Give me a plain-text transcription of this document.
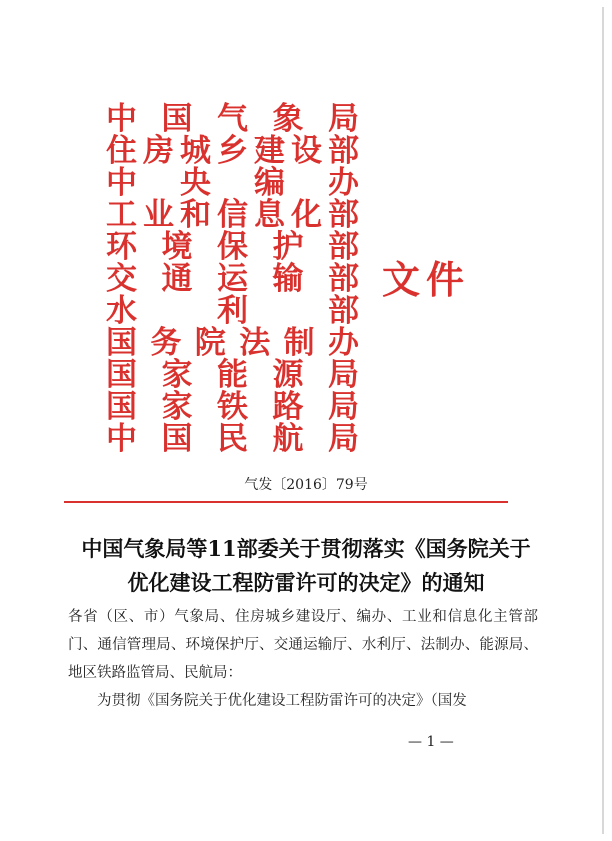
中 国 气 象 局
住 房 城 乡 建 设 部
中 央 编 办
工 业 和 信 息 化 部
环 境 保 护 部
交 通 运 输 部
水	利	部
国 务 院 法 制 办
国 家 能 源 局
国 家 铁 路 局
中 国 民 航 局
文件
气发〔2016〕79号
中国气象局等11部委关于贯彻落实《国务院关于
优化建设工程防雷许可的决定》的通知

各省（区、市）气象局、住房城乡建设厅、编办、工业和信息化主管部门、通信管理局、环境保护厅、交通运输厅、水利厅、法制办、能源局、地区铁路监管局、民航局：

为贯彻《国务院关于优化建设工程防雷许可的决定》（国发

— 1 —
